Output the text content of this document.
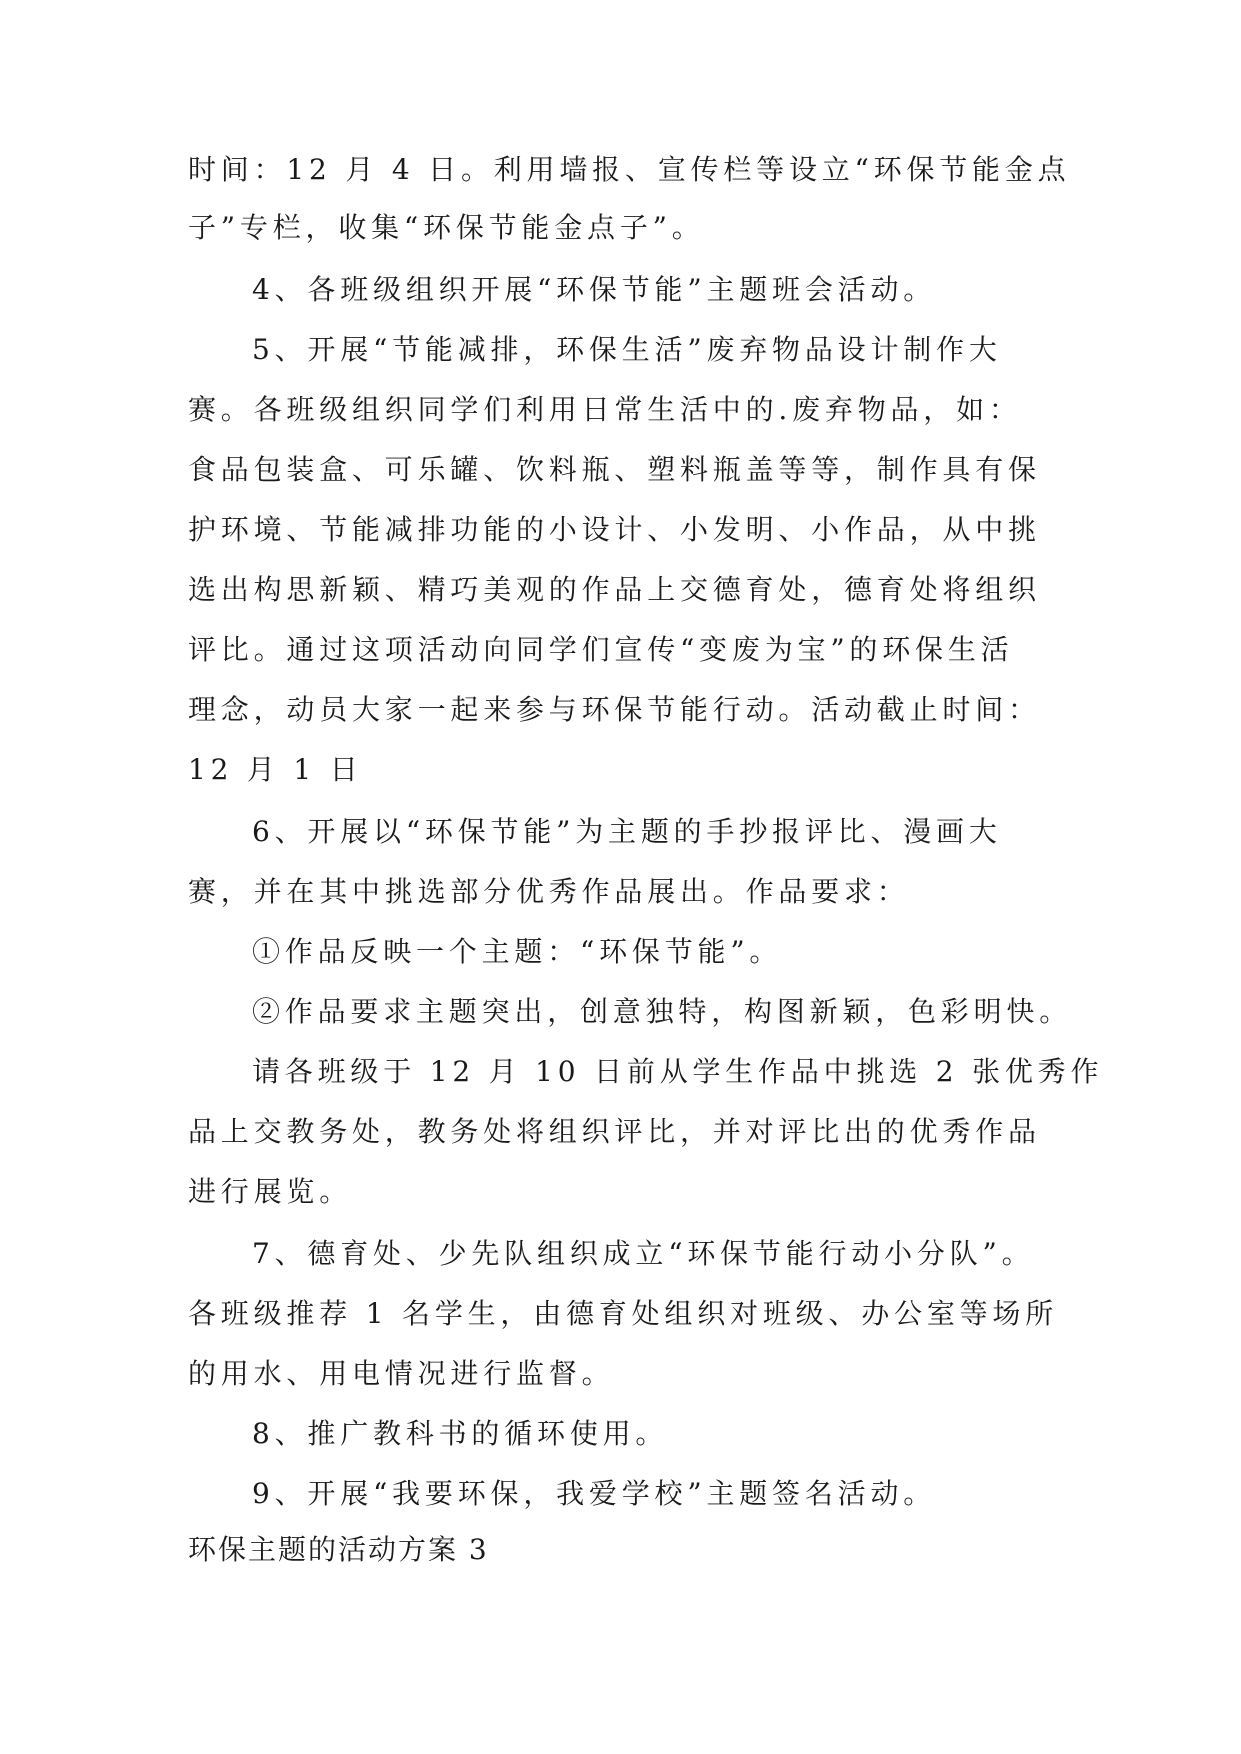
时间：12 月 4 日。利用墙报、宣传栏等设立“环保节能金点

子”专栏，收集“环保节能金点子”。

4、各班级组织开展“环保节能”主题班会活动。

5、开展“节能减排，环保生活”废弃物品设计制作大

赛。各班级组织同学们利用日常生活中的.废弃物品，如：

食品包装盒、可乐罐、饮料瓶、塑料瓶盖等等，制作具有保

护环境、节能减排功能的小设计、小发明、小作品，从中挑

选出构思新颖、精巧美观的作品上交德育处，德育处将组织

评比。通过这项活动向同学们宣传“变废为宝”的环保生活

理念，动员大家一起来参与环保节能行动。活动截止时间：

12 月 1 日

6、开展以“环保节能”为主题的手抄报评比、漫画大

赛，并在其中挑选部分优秀作品展出。作品要求：

①作品反映一个主题：“环保节能”。

②作品要求主题突出，创意独特，构图新颖，色彩明快。

请各班级于 12 月 10 日前从学生作品中挑选 2 张优秀作

品上交教务处，教务处将组织评比，并对评比出的优秀作品

进行展览。

7、德育处、少先队组织成立“环保节能行动小分队”。

各班级推荐 1 名学生，由德育处组织对班级、办公室等场所

的用水、用电情况进行监督。

8、推广教科书的循环使用。

9、开展“我要环保，我爱学校”主题签名活动。

环保主题的活动方案 3
